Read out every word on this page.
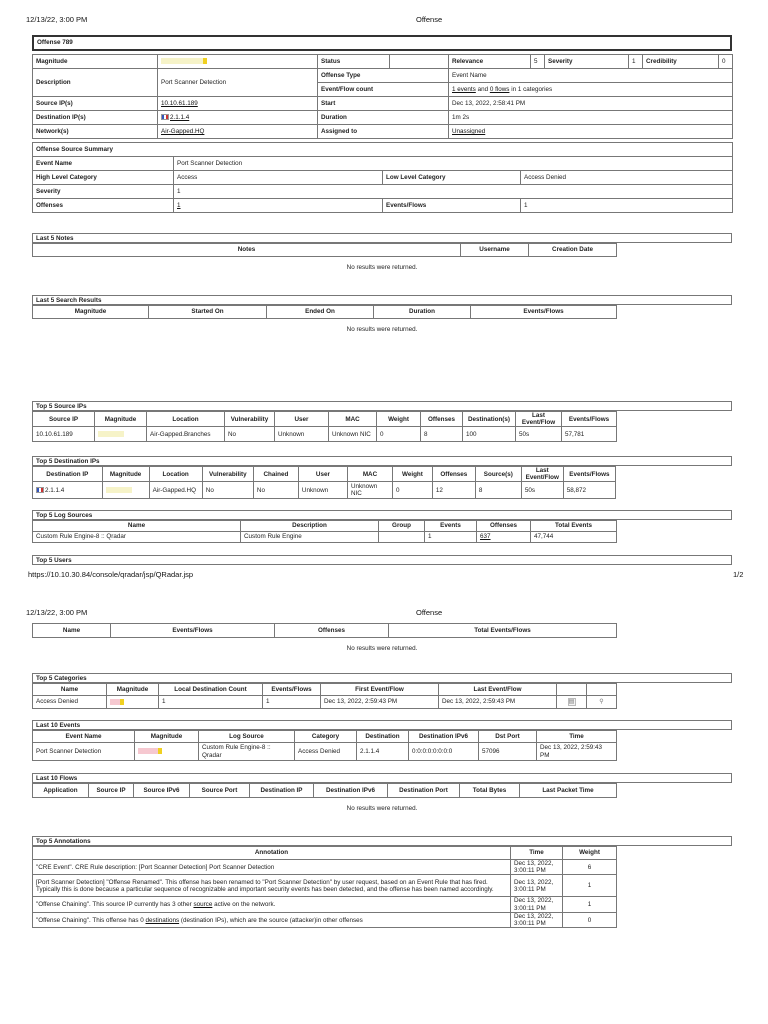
12/13/22, 3:00 PM	Offense
Offense 789
Magnitude		Status		Relevance	5	Severity	1	Credibility	0
Description	Port Scanner Detection	Offense Type		Event Name					
		Event/Flow count		1 events and 0 flows in 1 categories					
Source IP(s)	10.10.61.189	Start		Dec 13, 2022, 2:58:41 PM					
Destination IP(s)	2.1.1.4	Duration		1m 2s					
Network(s)	Air-Gapped.HQ	Assigned to		Unassigned					
Offense Source Summary			
Event Name	Port Scanner Detection		
High Level Category	Access	Low Level Category	Access Denied
Severity	1		
Offenses	1	Events/Flows	1
Last 5 Notes
Notes	Username	Creation Date
No results were returned.
Last 5 Search Results
Magnitude	Started On	Ended On	Duration	Events/Flows
No results were returned.
Top 5 Source IPs
Source IP	Magnitude	Location	Vulnerability	User	MAC	Weight	Offenses	Destination(s)	Last Event/Flow	Events/Flows
10.10.61.189		Air-Gapped.Branches	No	Unknown	Unknown NIC	0	8	100	50s	57,781
Top 5 Destination IPs
Destination IP	Magnitude	Location	Vulnerability	Chained	User	MAC	Weight	Offenses	Source(s)	Last Event/Flow	Events/Flows
2.1.1.4		Air-Gapped.HQ	No	No	Unknown	Unknown NIC	0	12	8	50s	58,872
Top 5 Log Sources
Name	Description	Group	Events	Offenses	Total Events
Custom Rule Engine-8 :: Qradar	Custom Rule Engine		1	637	47,744
Top 5 Users
https://10.10.30.84/console/qradar/jsp/QRadar.jsp	1/2
12/13/22, 3:00 PM	Offense
Name	Events/Flows	Offenses	Total Events/Flows
No results were returned.
Top 5 Categories
Name	Magnitude	Local Destination Count	Events/Flows	First Event/Flow	Last Event/Flow		
Access Denied		1	1	Dec 13, 2022, 2:59:43 PM	Dec 13, 2022, 2:59:43 PM	▤	⚲
Last 10 Events
Event Name	Magnitude	Log Source	Category	Destination	Destination IPv6	Dst Port	Time
Port Scanner Detection		Custom Rule Engine-8 :: Qradar	Access Denied	2.1.1.4	0:0:0:0:0:0:0:0	57096	Dec 13, 2022, 2:59:43 PM
Last 10 Flows
Application	Source IP	Source IPv6	Source Port	Destination IP	Destination IPv6	Destination Port	Total Bytes	Last Packet Time
No results were returned.
Top 5 Annotations
Annotation	Time	Weight
"CRE Event". CRE Rule description: [Port Scanner Detection] Port Scanner Detection	Dec 13, 2022, 3:00:11 PM	6
[Port Scanner Detection] "Offense Renamed". This offense has been renamed to "Port Scanner Detection" by user request, based on an Event Rule that has fired. Typically this is done because a particular sequence of recognizable and important security events has been detected, and the offense has been named accordingly.	Dec 13, 2022, 3:00:11 PM	1
"Offense Chaining". This source IP currently has 3 other source active on the network.	Dec 13, 2022, 3:00:11 PM	1
"Offense Chaining". This offense has 0 destinations (destination IPs), which are the source (attacker)in other offenses	Dec 13, 2022, 3:00:11 PM	0
